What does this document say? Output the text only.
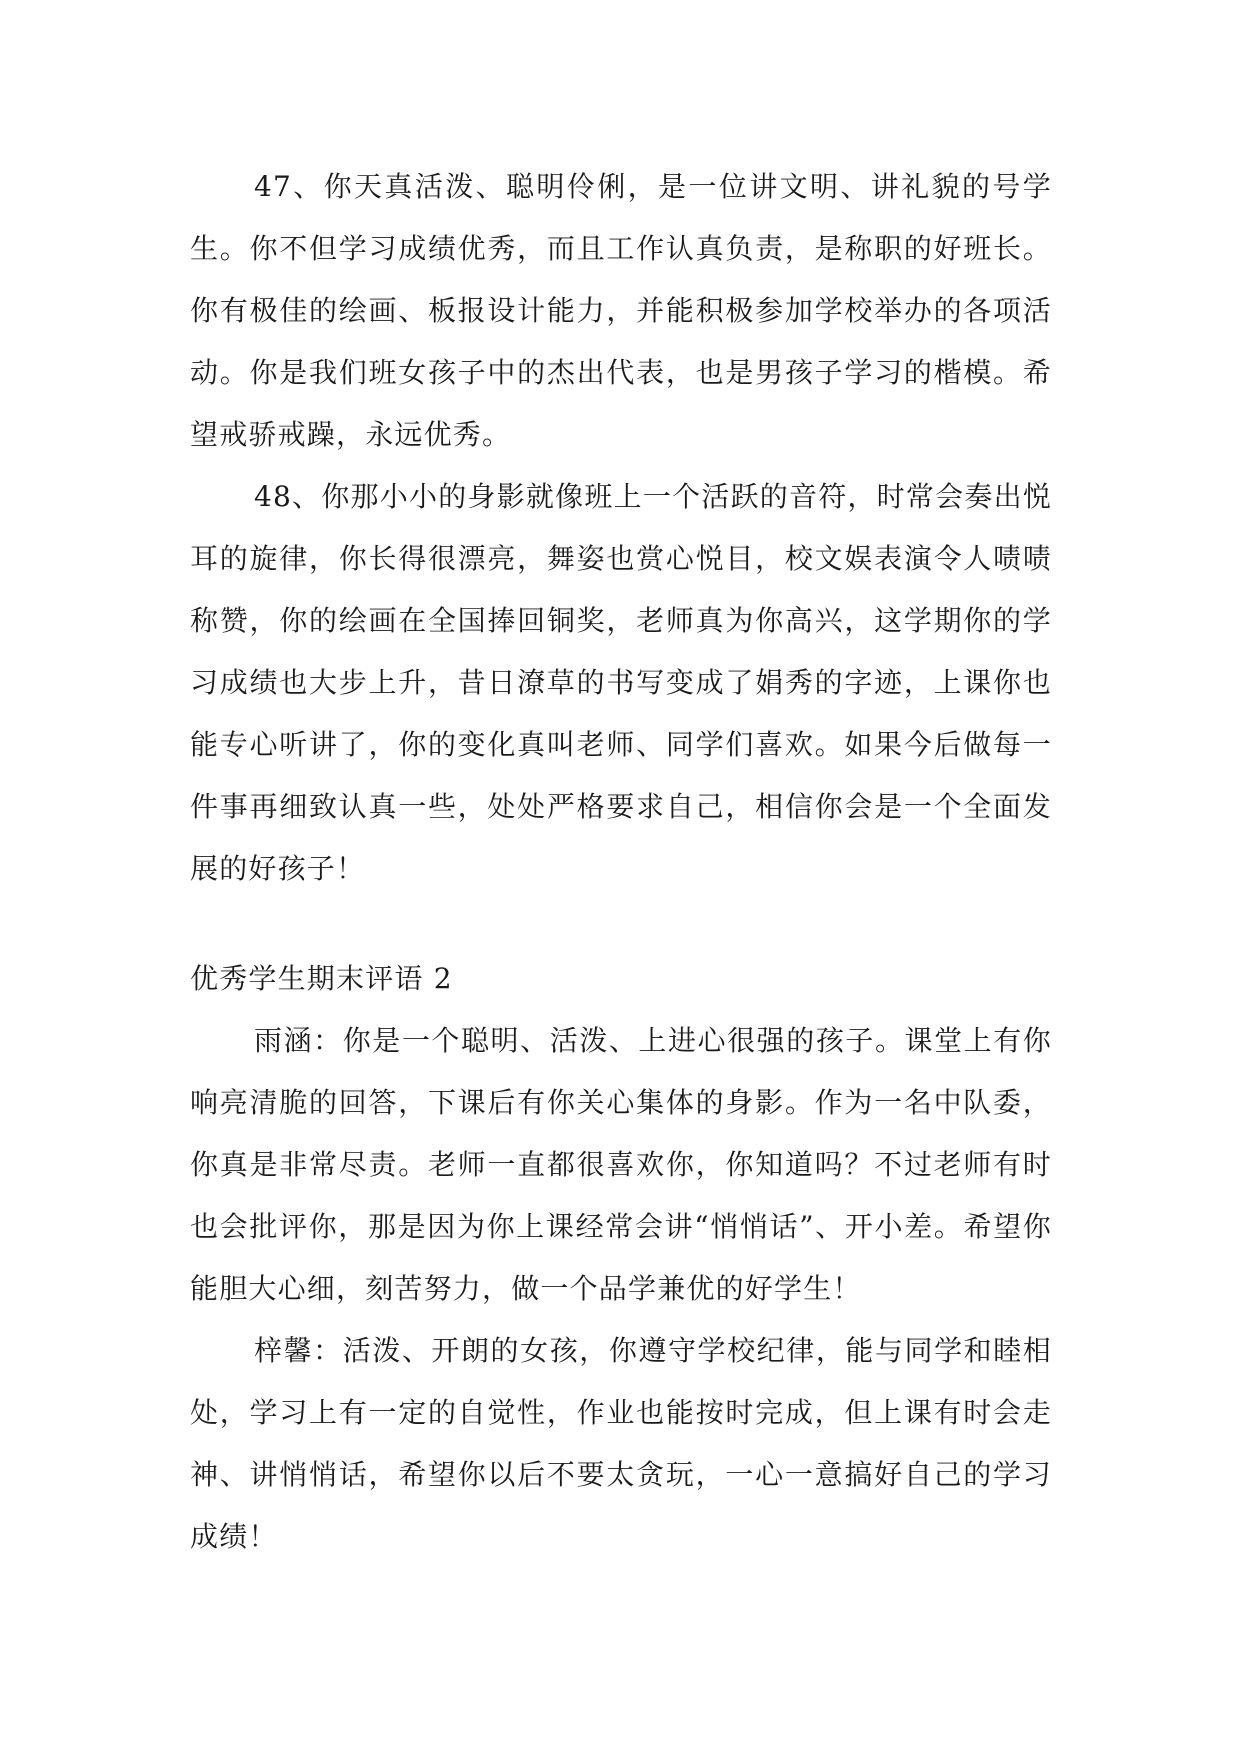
47、你天真活泼、聪明伶俐，是一位讲文明、讲礼貌的号学生。你不但学习成绩优秀，而且工作认真负责，是称职的好班长。你有极佳的绘画、板报设计能力，并能积极参加学校举办的各项活动。你是我们班女孩子中的杰出代表，也是男孩子学习的楷模。希望戒骄戒躁，永远优秀。

48、你那小小的身影就像班上一个活跃的音符，时常会奏出悦耳的旋律，你长得很漂亮，舞姿也赏心悦目，校文娱表演令人啧啧称赞，你的绘画在全国捧回铜奖，老师真为你高兴，这学期你的学习成绩也大步上升，昔日潦草的书写变成了娟秀的字迹，上课你也能专心听讲了，你的变化真叫老师、同学们喜欢。如果今后做每一件事再细致认真一些，处处严格要求自己，相信你会是一个全面发展的好孩子！

优秀学生期末评语 2

雨涵：你是一个聪明、活泼、上进心很强的孩子。课堂上有你响亮清脆的回答，下课后有你关心集体的身影。作为一名中队委，你真是非常尽责。老师一直都很喜欢你，你知道吗？不过老师有时也会批评你，那是因为你上课经常会讲“悄悄话”、开小差。希望你能胆大心细，刻苦努力，做一个品学兼优的好学生！

梓馨：活泼、开朗的女孩，你遵守学校纪律，能与同学和睦相处，学习上有一定的自觉性，作业也能按时完成，但上课有时会走神、讲悄悄话，希望你以后不要太贪玩，一心一意搞好自己的学习成绩！
